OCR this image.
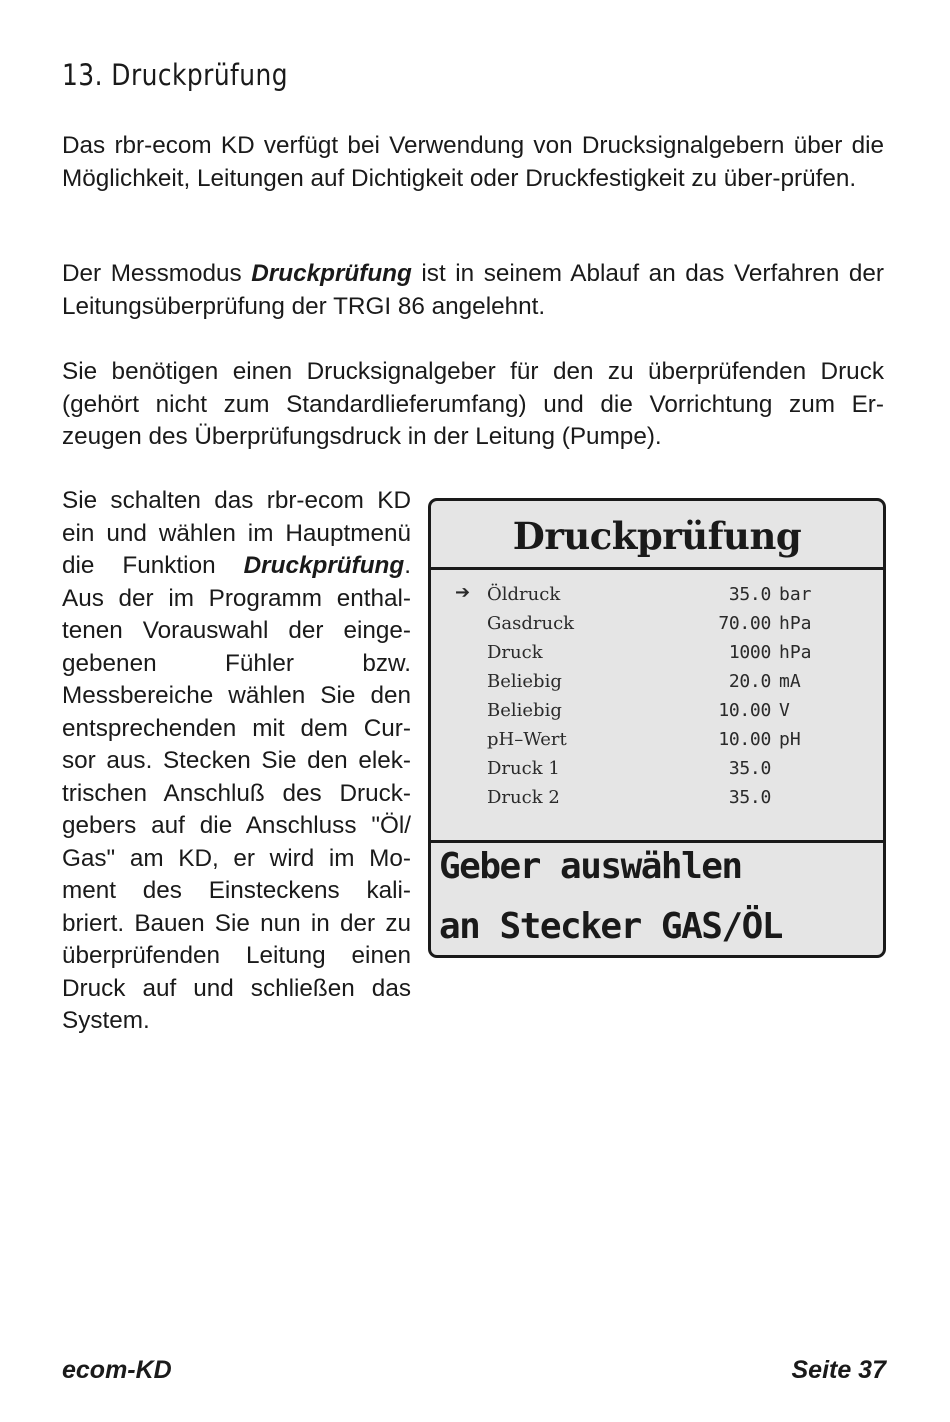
13. Druckprüfung

Das rbr-ecom KD verfügt bei Verwendung von Drucksignalgebern über die Möglichkeit, Leitungen auf Dichtigkeit oder Druckfestigkeit zu über-prüfen.

Der Messmodus Druckprüfung ist in seinem Ablauf an das Verfahren der Leitungsüberprüfung der TRGI 86 angelehnt.

Sie benötigen einen Drucksignalgeber für den zu überprüfenden Druck (gehört nicht zum Standardlieferumfang) und die Vorrichtung zum Er-zeugen des Überprüfungsdruck in der Leitung (Pumpe).

Sie schalten das rbr-ecom KD ein und wählen im Hauptmenü die Funktion Druckprüfung. Aus der im Programm enthal-tenen Vorauswahl der einge-gebenen Fühler bzw. Messbereiche wählen Sie den entsprechenden mit dem Cur-sor aus. Stecken Sie den elek-trischen Anschluß des Druck-gebers auf die Anschluss "Öl/ Gas" am KD, er wird im Mo-ment des Einsteckens kali-briert. Bauen Sie nun in der zu überprüfenden Leitung einen Druck auf und schließen das System.

Druckprüfung
➔ Öldruck	35.0 bar
Gasdruck	70.00 hPa
Druck	1000 hPa
Beliebig	20.0 mA
Beliebig	10.00 V
pH–Wert	10.00 pH
Druck 1	35.0
Druck 2	35.0
Geber auswählen
an Stecker GAS/ÖL
ecom-KD	Seite 37
